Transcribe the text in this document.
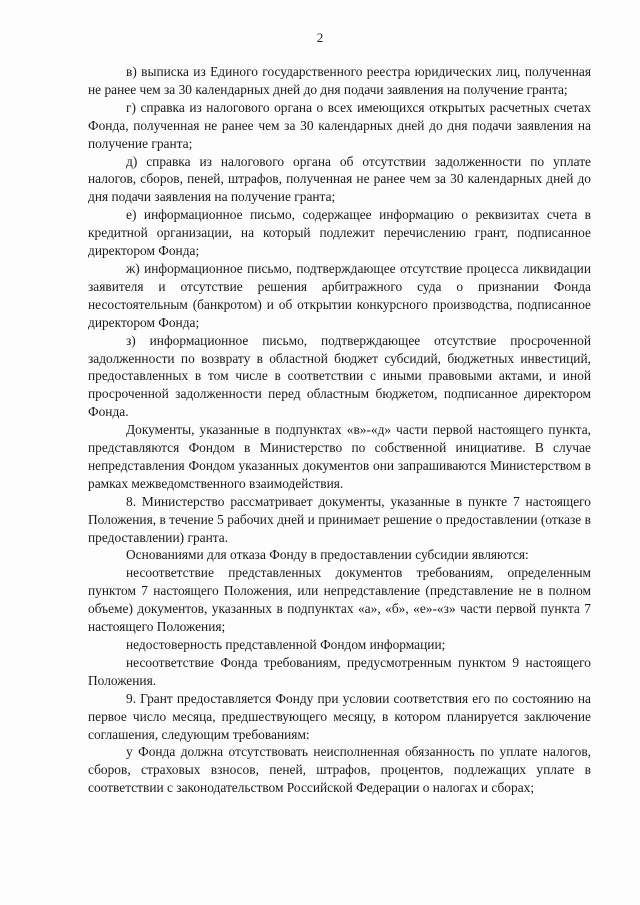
2

в) выписка из Единого государственного реестра юридических лиц, полученная не ранее чем за 30 календарных дней до дня подачи заявления на получение гранта;

г) справка из налогового органа о всех имеющихся открытых расчетных счетах Фонда, полученная не ранее чем за 30 календарных дней до дня подачи заявления на получение гранта;

д) справка из налогового органа об отсутствии задолженности по уплате налогов, сборов, пеней, штрафов, полученная не ранее чем за 30 календарных дней до дня подачи заявления на получение гранта;

е) информационное письмо, содержащее информацию о реквизитах счета в кредитной организации, на который подлежит перечислению грант, подписанное директором Фонда;

ж) информационное письмо, подтверждающее отсутствие процесса ликвидации заявителя и отсутствие решения арбитражного суда о признании Фонда несостоятельным (банкротом) и об открытии конкурсного производства, подписанное директором Фонда;

з) информационное письмо, подтверждающее отсутствие просроченной задолженности по возврату в областной бюджет субсидий, бюджетных инвестиций, предоставленных в том числе в соответствии с иными правовыми актами, и иной просроченной задолженности перед областным бюджетом, подписанное директором Фонда.

Документы, указанные в подпунктах «в»-«д» части первой настоящего пункта, представляются Фондом в Министерство по собственной инициативе. В случае непредставления Фондом указанных документов они запрашиваются Министерством в рамках межведомственного взаимодействия.

8. Министерство рассматривает документы, указанные в пункте 7 настоящего Положения, в течение 5 рабочих дней и принимает решение о предоставлении (отказе в предоставлении) гранта.

Основаниями для отказа Фонду в предоставлении субсидии являются:

несоответствие представленных документов требованиям, определенным пунктом 7 настоящего Положения, или непредставление (представление не в полном объеме) документов, указанных в подпунктах «а», «б», «е»-«з» части первой пункта 7 настоящего Положения;

недостоверность представленной Фондом информации;

несоответствие Фонда требованиям, предусмотренным пунктом 9 настоящего Положения.

9. Грант предоставляется Фонду при условии соответствия его по состоянию на первое число месяца, предшествующего месяцу, в котором планируется заключение соглашения, следующим требованиям:

у Фонда должна отсутствовать неисполненная обязанность по уплате налогов, сборов, страховых взносов, пеней, штрафов, процентов, подлежащих уплате в соответствии с законодательством Российской Федерации о налогах и сборах;
